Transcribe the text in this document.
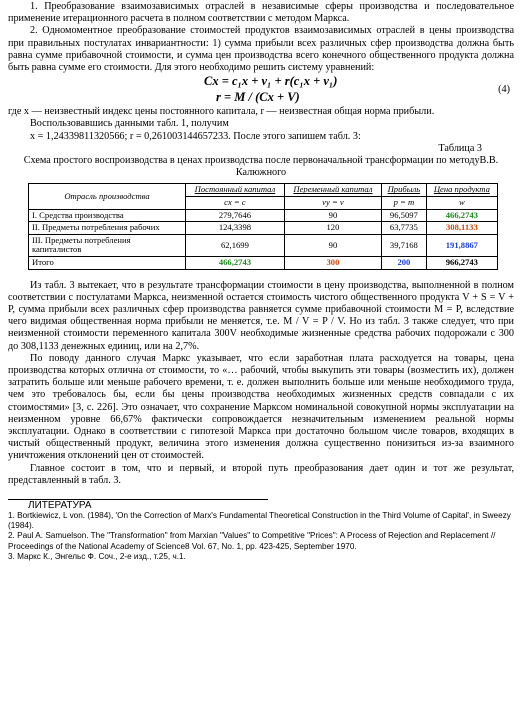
1. Преобразование взаимозависимых отраслей в независимые сферы производства и последовательное применение итерационного расчета в полном соответствии с методом Маркса.

2. Одномоментное преобразование стоимостей продуктов взаимозависимых отраслей в цены производства при правильных постулатах инвариантности: 1) сумма прибыли всех различных сфер производства должна быть равна сумме прибавочной стоимости, и сумма цен производства всего конечного общественного продукта должна быть равна сумме его стоимости. Для этого необходимо решить систему уравнений:

Cx = c₁x + v₁ + r(c₁x + v₁)
r = M / (Cx + V)
(4)

где x — неизвестный индекс цены постоянного капитала, r — неизвестная общая норма прибыли.

Воспользовавшись данными табл. 1, получим

x = 1,24339811320566; r = 0,261003144657233. После этого запишем табл. 3:

Таблица 3

Схема простого воспроизводства в ценах производства после первоначальной трансформации по методуВ.В. Калюжного

Отрасль производства	Постоянный капитал	Переменный капитал	Прибыль	Цена продукта
	cx = c	vy = v	p = m	w
I. Средства производства	279,7646	90	96,5097	466,2743
II. Предметы потребления рабочих	124,3398	120	63,7735	308,1133
III. Предметы потребления капиталистов	62,1699	90	39,7168	191,8867
Итого	466,2743	300	200	966,2743

Из табл. 3 вытекает, что в результате трансформации стоимости в цену производства, выполненной в полном соответствии с постулатами Маркса, неизменной остается стоимость чистого общественного продукта V + S = V + P, сумма прибыли всех различных сфер производства равняется сумме прибавочной стоимости M = P, вследствие чего видимая общественная норма прибыли не меняется, т.е. M / V = P / V. Но из табл. 3 также следует, что при неизменной стоимости переменного капитала 300V необходимые жизненные средства рабочих подорожали с 300 до 308,1133 денежных единиц, или на 2,7%.

По поводу данного случая Маркс указывает, что если заработная плата расходуется на товары, цена производства которых отлична от стоимости, то «… рабочий, чтобы выкупить эти товары (возместить их), должен затратить больше или меньше рабочего времени, т. е. должен выполнить больше или меньше необходимого труда, чем это требовалось бы, если бы цены производства необходимых жизненных средств совпадали с их стоимостями» [3, с. 226]. Это означает, что сохранение Марксом номинальной совокупной нормы эксплуатации на неизменном уровне 66,67% фактически сопровождается незначительным изменением реальной нормы эксплуатации. Однако в соответствии с гипотезой Маркса при достаточно большом числе товаров, входящих в чистый общественный продукт, величина этого изменения должна существенно понизиться из-за взаимного уничтожения отклонений цен от стоимостей.

Главное состоит в том, что и первый, и второй путь преобразования дает один и тот же результат, представленный в табл. 3.

ЛИТЕРАТУРА

1. Bortkiewicz, L von. (1984), 'On the Correction of Marx's Fundamental Theoretical Construction in the Third Volume of Capital', in Sweezy (1984).

2. Paul A. Samuelson. The "Transformation" from Marxian "Values" to Competitive "Prices": A Process of Rejection and Replacement // Proceedings of the National Academy of Science8 Vol. 67, No. 1, pp. 423-425, September 1970.

3. Маркс К., Энгельс Ф. Соч., 2-е изд., т.25, ч.1.
